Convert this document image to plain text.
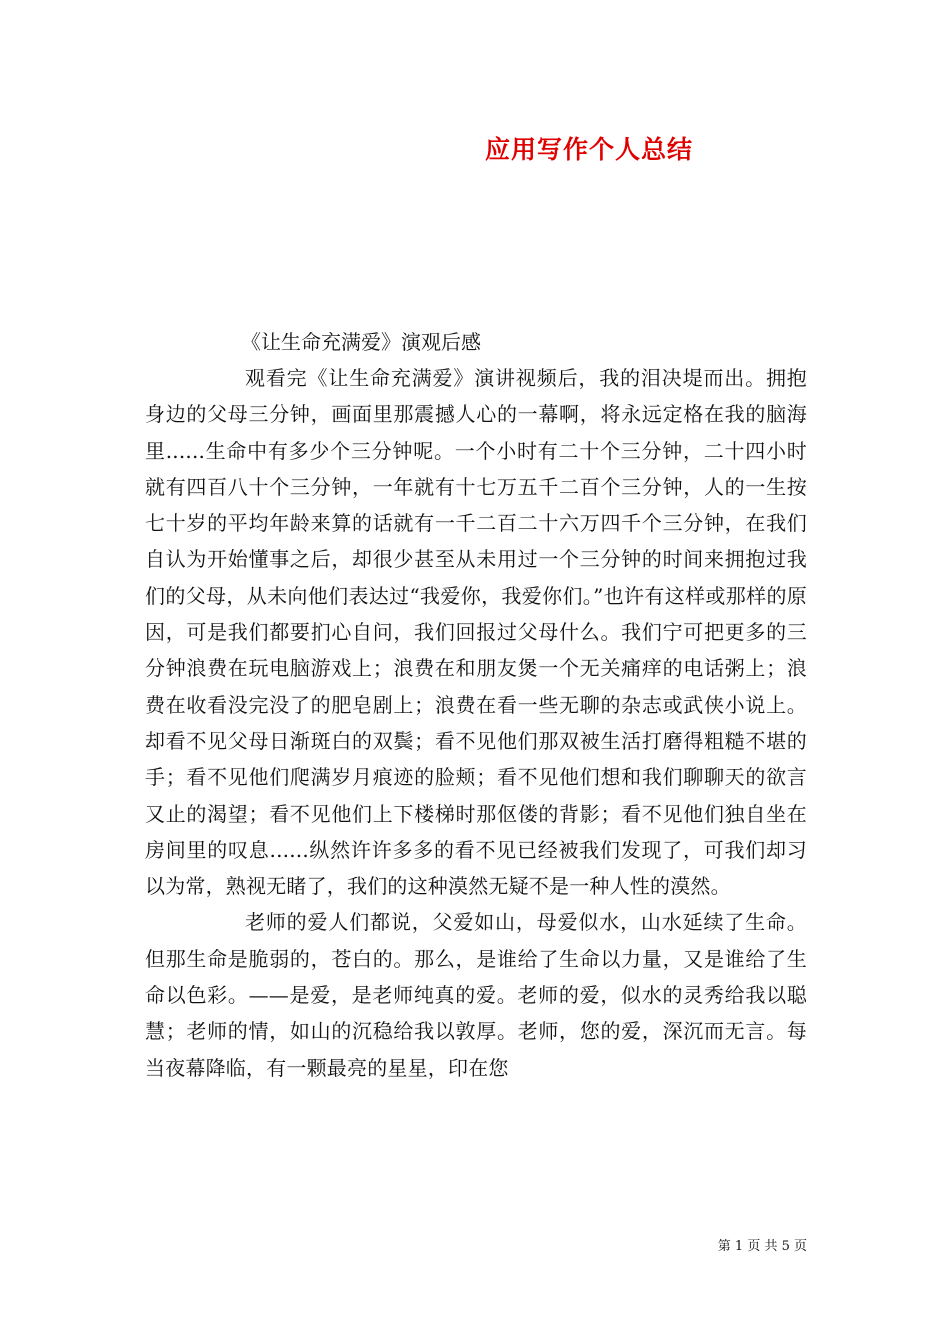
应用写作个人总结

《让生命充满爱》演观后感

观看完《让生命充满爱》演讲视频后，我的泪决堤而出。拥抱身边的父母三分钟，画面里那震撼人心的一幕啊，将永远定格在我的脑海里......生命中有多少个三分钟呢。一个小时有二十个三分钟，二十四小时就有四百八十个三分钟，一年就有十七万五千二百个三分钟，人的一生按七十岁的平均年龄来算的话就有一千二百二十六万四千个三分钟，在我们自认为开始懂事之后，却很少甚至从未用过一个三分钟的时间来拥抱过我们的父母，从未向他们表达过“我爱你，我爱你们。”也许有这样或那样的原因，可是我们都要扪心自问，我们回报过父母什么。我们宁可把更多的三分钟浪费在玩电脑游戏上；浪费在和朋友煲一个无关痛痒的电话粥上；浪费在收看没完没了的肥皂剧上；浪费在看一些无聊的杂志或武侠小说上。却看不见父母日渐斑白的双鬓；看不见他们那双被生活打磨得粗糙不堪的手；看不见他们爬满岁月痕迹的脸颊；看不见他们想和我们聊聊天的欲言又止的渴望；看不见他们上下楼梯时那伛偻的背影；看不见他们独自坐在房间里的叹息......纵然许许多多的看不见已经被我们发现了，可我们却习以为常，熟视无睹了，我们的这种漠然无疑不是一种人性的漠然。

老师的爱人们都说，父爱如山，母爱似水，山水延续了生命。但那生命是脆弱的，苍白的。那么，是谁给了生命以力量，又是谁给了生命以色彩。——是爱，是老师纯真的爱。老师的爱，似水的灵秀给我以聪慧；老师的情，如山的沉稳给我以敦厚。老师，您的爱，深沉而无言。每当夜幕降临，有一颗最亮的星星，印在您

第 1 页 共 5 页
